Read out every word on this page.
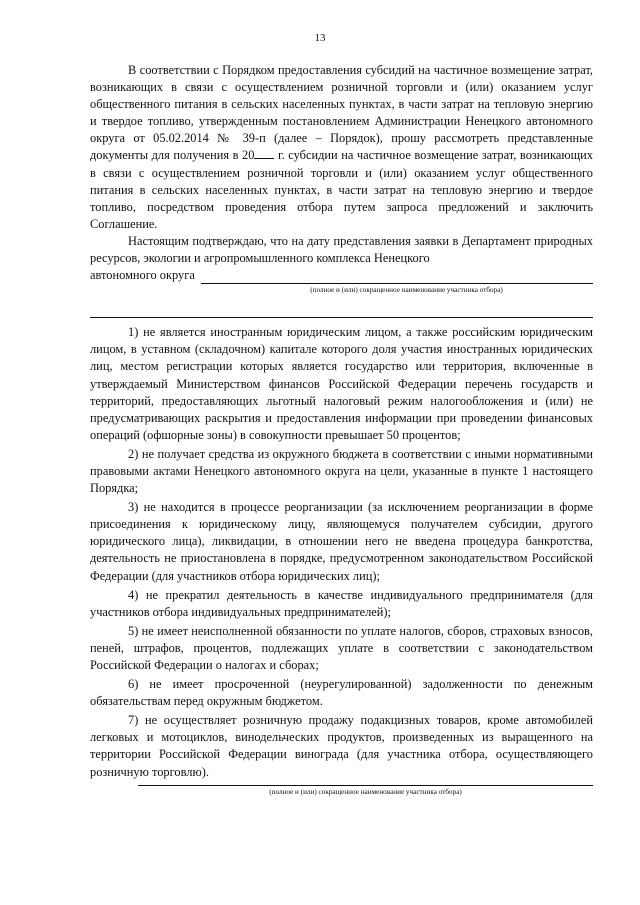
13

В соответствии с Порядком предоставления субсидий на частичное возмещение затрат, возникающих в связи с осуществлением розничной торговли и (или) оказанием услуг общественного питания в сельских населенных пунктах, в части затрат на тепловую энергию и твердое топливо, утвержденным постановлением Администрации Ненецкого автономного округа от 05.02.2014 № 39-п (далее – Порядок), прошу рассмотреть представленные документы для получения в 20 г. субсидии на частичное возмещение затрат, возникающих в связи с осуществлением розничной торговли и (или) оказанием услуг общественного питания в сельских населенных пунктах, в части затрат на тепловую энергию и твердое топливо, посредством проведения отбора путем запроса предложений и заключить Соглашение.

Настоящим подтверждаю, что на дату представления заявки в Департамент природных ресурсов, экологии и агропромышленного комплекса Ненецкого

автономного округа

(полное и (или) сокращенное наименование участника отбора)

1) не является иностранным юридическим лицом, а также российским юридическим лицом, в уставном (складочном) капитале которого доля участия иностранных юридических лиц, местом регистрации которых является государство или территория, включенные в утверждаемый Министерством финансов Российской Федерации перечень государств и территорий, предоставляющих льготный налоговый режим налогообложения и (или) не предусматривающих раскрытия и предоставления информации при проведении финансовых операций (офшорные зоны) в совокупности превышает 50 процентов;

2) не получает средства из окружного бюджета в соответствии с иными нормативными правовыми актами Ненецкого автономного округа на цели, указанные в пункте 1 настоящего Порядка;

3) не находится в процессе реорганизации (за исключением реорганизации в форме присоединения к юридическому лицу, являющемуся получателем субсидии, другого юридического лица), ликвидации, в отношении него не введена процедура банкротства, деятельность не приостановлена в порядке, предусмотренном законодательством Российской Федерации (для участников отбора юридических лиц);

4) не прекратил деятельность в качестве индивидуального предпринимателя (для участников отбора индивидуальных предпринимателей);

5) не имеет неисполненной обязанности по уплате налогов, сборов, страховых взносов, пеней, штрафов, процентов, подлежащих уплате в соответствии с законодательством Российской Федерации о налогах и сборах;

6) не имеет просроченной (неурегулированной) задолженности по денежным обязательствам перед окружным бюджетом.

7) не осуществляет розничную продажу подакцизных товаров, кроме автомобилей легковых и мотоциклов, винодельческих продуктов, произведенных из выращенного на территории Российской Федерации винограда (для участника отбора, осуществляющего розничную торговлю).

(полное и (или) сокращенное наименование участника отбора)
